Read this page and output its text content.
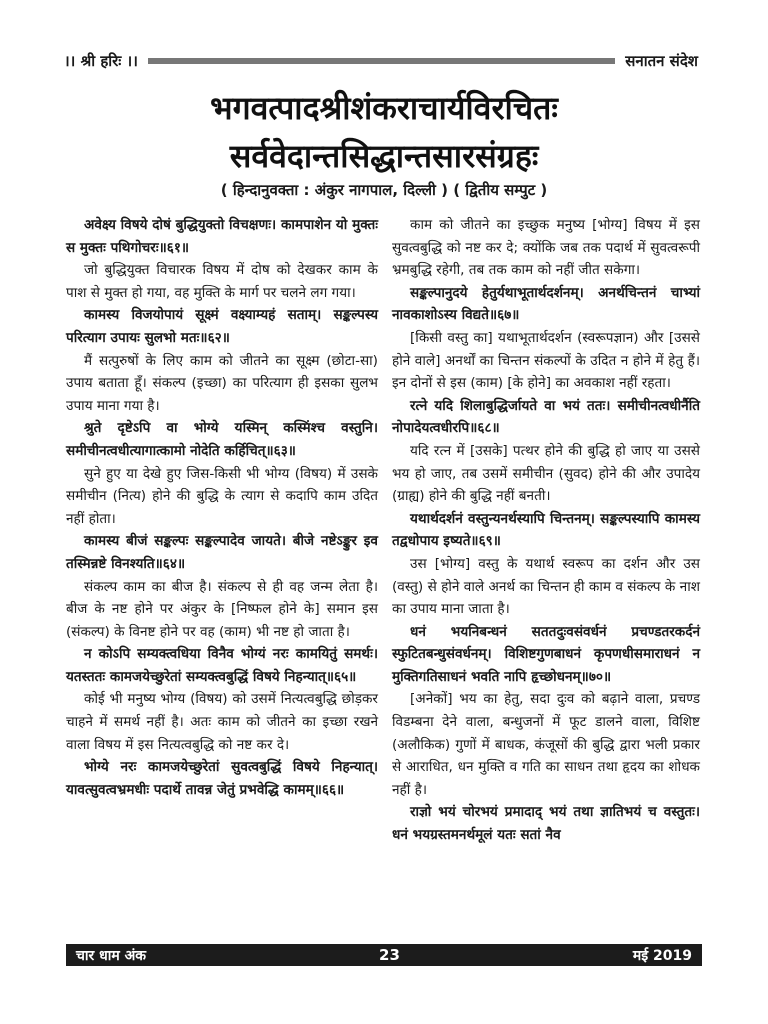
।। श्री हरिः ।।	सनातन संदेश
भगवत्पादश्रीशंकराचार्यविरचितः
सर्ववेदान्तसिद्धान्तसारसंग्रहः
( हिन्दानुवक्ता : अंकुर नागपाल, दिल्ली ) ( द्वितीय सम्पुट )

अवेक्ष्य विषये दोषं बुद्धियुक्तो विचक्षणः। कामपाशेन यो मुक्तः स मुक्तः पथिगोचरः॥६१॥

जो बुद्धियुक्त विचारक विषय में दोष को देखकर काम के पाश से मुक्त हो गया, वह मुक्ति के मार्ग पर चलने लग गया।

कामस्य विजयोपायं सूक्ष्मं वक्ष्याम्यहं सताम्। सङ्कल्पस्य परित्याग उपायः सुलभो मतः॥६२॥

मैं सत्पुरुषों के लिए काम को जीतने का सूक्ष्म (छोटा-सा) उपाय बताता हूँ। संकल्प (इच्छा) का परित्याग ही इसका सुलभ उपाय माना गया है।

श्रुते दृष्टेऽपि वा भोग्ये यस्मिन् कस्मिंश्च वस्तुनि। समीचीनत्वधीत्यागात्कामो नोदेति कर्हिचित्॥६३॥

सुने हुए या देखे हुए जिस-किसी भी भोग्य (विषय) में उसके समीचीन (नित्य) होने की बुद्धि के त्याग से कदापि काम उदित नहीं होता।

कामस्य बीजं सङ्कल्पः सङ्कल्पादेव जायते। बीजे नष्टेऽङ्कुर इव तस्मिन्नष्टे विनश्यति॥६४॥

संकल्प काम का बीज है। संकल्प से ही वह जन्म लेता है। बीज के नष्ट होने पर अंकुर के [निष्फल होने के] समान इस (संकल्प) के विनष्ट होने पर वह (काम) भी नष्ट हो जाता है।

न कोऽपि सम्यक्त्वधिया विनैव भोग्यं नरः कामयितुं समर्थः। यतस्ततः कामजयेच्छुरेतां सम्यक्त्वबुद्धिं विषये निहन्यात्॥६५॥

कोई भी मनुष्य भोग्य (विषय) को उसमें नित्यत्वबुद्धि छोड़कर चाहने में समर्थ नहीं है। अतः काम को जीतने का इच्छा रखने वाला विषय में इस नित्यत्वबुद्धि को नष्ट कर दे।

भोग्ये नरः कामजयेच्छुरेतां सुवत्वबुद्धिं विषये निहन्यात्। यावत्सुवत्वभ्रमधीः पदार्थे तावन्न जेतुं प्रभवेद्धि कामम्॥६६॥

काम को जीतने का इच्छुक मनुष्य [भोग्य] विषय में इस सुवत्वबुद्धि को नष्ट कर दे; क्योंकि जब तक पदार्थ में सुवत्वरूपी भ्रमबुद्धि रहेगी, तब तक काम को नहीं जीत सकेगा।

सङ्कल्पानुदये हेतुर्यथाभूतार्थदर्शनम्। अनर्थचिन्तनं चाभ्यां नावकाशोऽस्य विद्यते॥६७॥

[किसी वस्तु का] यथाभूतार्थदर्शन (स्वरूपज्ञान) और [उससे होने वाले] अनर्थों का चिन्तन संकल्पों के उदित न होने में हेतु हैं। इन दोनों से इस (काम) [के होने] का अवकाश नहीं रहता।

रत्ने यदि शिलाबुद्धिर्जायते वा भयं ततः। समीचीनत्वधीर्नैति नोपादेयत्वधीरपि॥६८॥

यदि रत्न में [उसके] पत्थर होने की बुद्धि हो जाए या उससे भय हो जाए, तब उसमें समीचीन (सुवद) होने की और उपादेय (ग्राह्य) होने की बुद्धि नहीं बनती।

यथार्थदर्शनं वस्तुन्यनर्थस्यापि चिन्तनम्। सङ्कल्पस्यापि कामस्य तद्वधोपाय इष्यते॥६९॥

उस [भोग्य] वस्तु के यथार्थ स्वरूप का दर्शन और उस (वस्तु) से होने वाले अनर्थ का चिन्तन ही काम व संकल्प के नाश का उपाय माना जाता है।

धनं भयनिबन्धनं सततदुःवसंवर्धनं प्रचण्डतरकर्दनं स्फुटितबन्धुसंवर्धनम्। विशिष्टगुणबाधनं कृपणधीसमाराधनं न मुक्तिगतिसाधनं भवति नापि हृच्छोधनम्॥७०॥

[अनेकों] भय का हेतु, सदा दुःव को बढ़ाने वाला, प्रचण्ड विडम्बना देने वाला, बन्धुजनों में फूट डालने वाला, विशिष्ट (अलौकिक) गुणों में बाधक, कंजूसों की बुद्धि द्वारा भली प्रकार से आराधित, धन मुक्ति व गति का साधन तथा हृदय का शोधक नहीं है।

राज्ञो भयं चोरभयं प्रमादाद् भयं तथा ज्ञातिभयं च वस्तुतः। धनं भयग्रस्तमनर्थमूलं यतः सतां नैव

चार धाम अंक	23	मई 2019
